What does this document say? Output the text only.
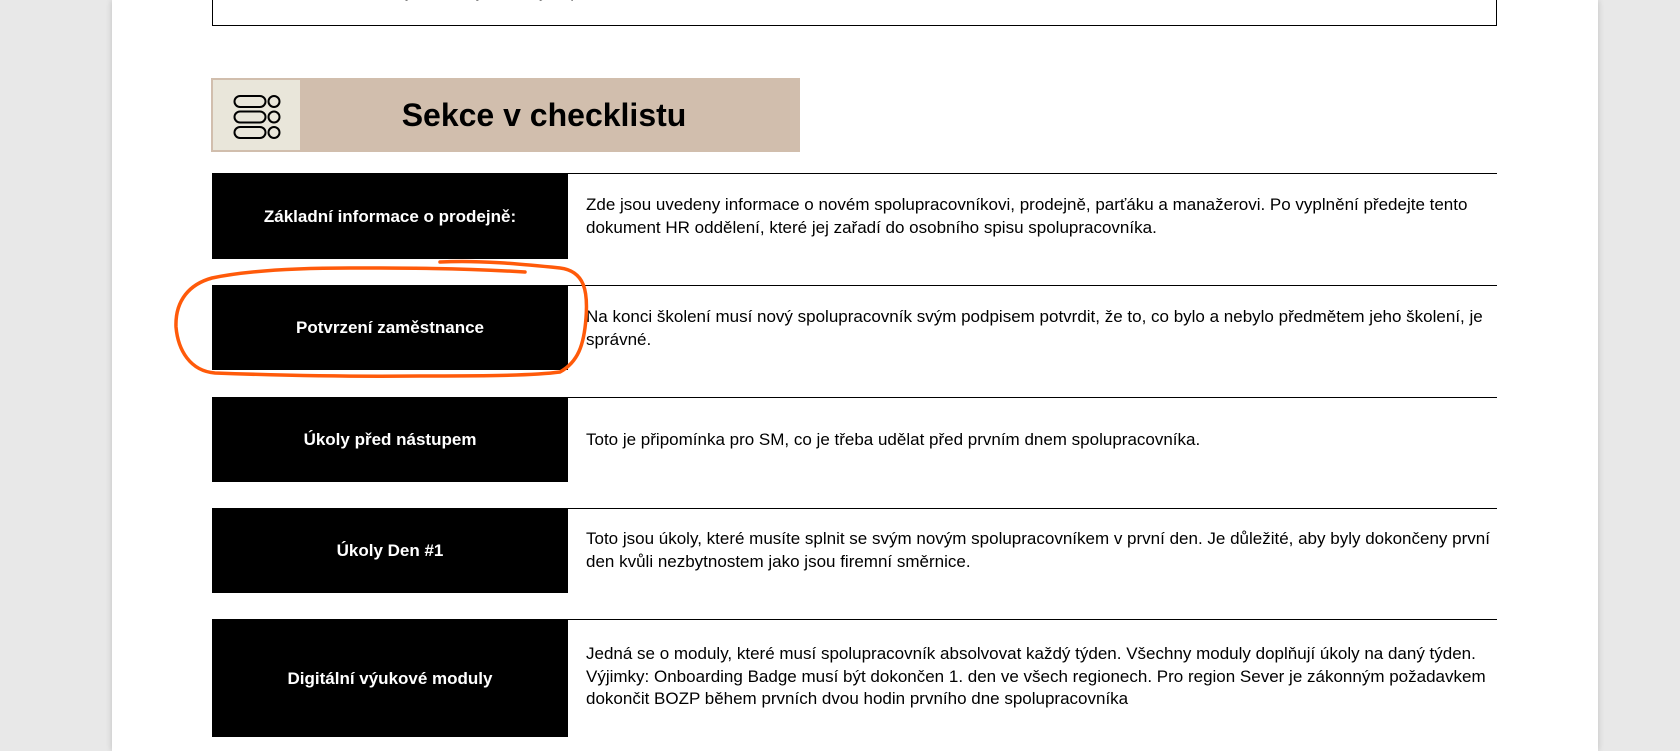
Sekce v checklistu
Základní informace o prodejně:
Zde jsou uvedeny informace o novém spolupracovníkovi, prodejně, parťáku a manažerovi. Po vyplnění předejte tento dokument HR oddělení, které jej zařadí do osobního spisu spolupracovníka.
Potvrzení zaměstnance
Na konci školení musí nový spolupracovník svým podpisem potvrdit, že to, co bylo a nebylo předmětem jeho školení, je správné.
Úkoly před nástupem	Toto je připomínka pro SM, co je třeba udělat před prvním dnem spolupracovníka.
Úkoly Den #1
Toto jsou úkoly, které musíte splnit se svým novým spolupracovníkem v první den. Je důležité, aby byly dokončeny první den kvůli nezbytnostem jako jsou firemní směrnice.
Digitální výukové moduly
Jedná se o moduly, které musí spolupracovník absolvovat každý týden. Všechny moduly doplňují úkoly na daný týden. Výjimky: Onboarding Badge musí být dokončen 1. den ve všech regionech. Pro region Sever je zákonným požadavkem dokončit BOZP během prvních dvou hodin prvního dne spolupracovníka
